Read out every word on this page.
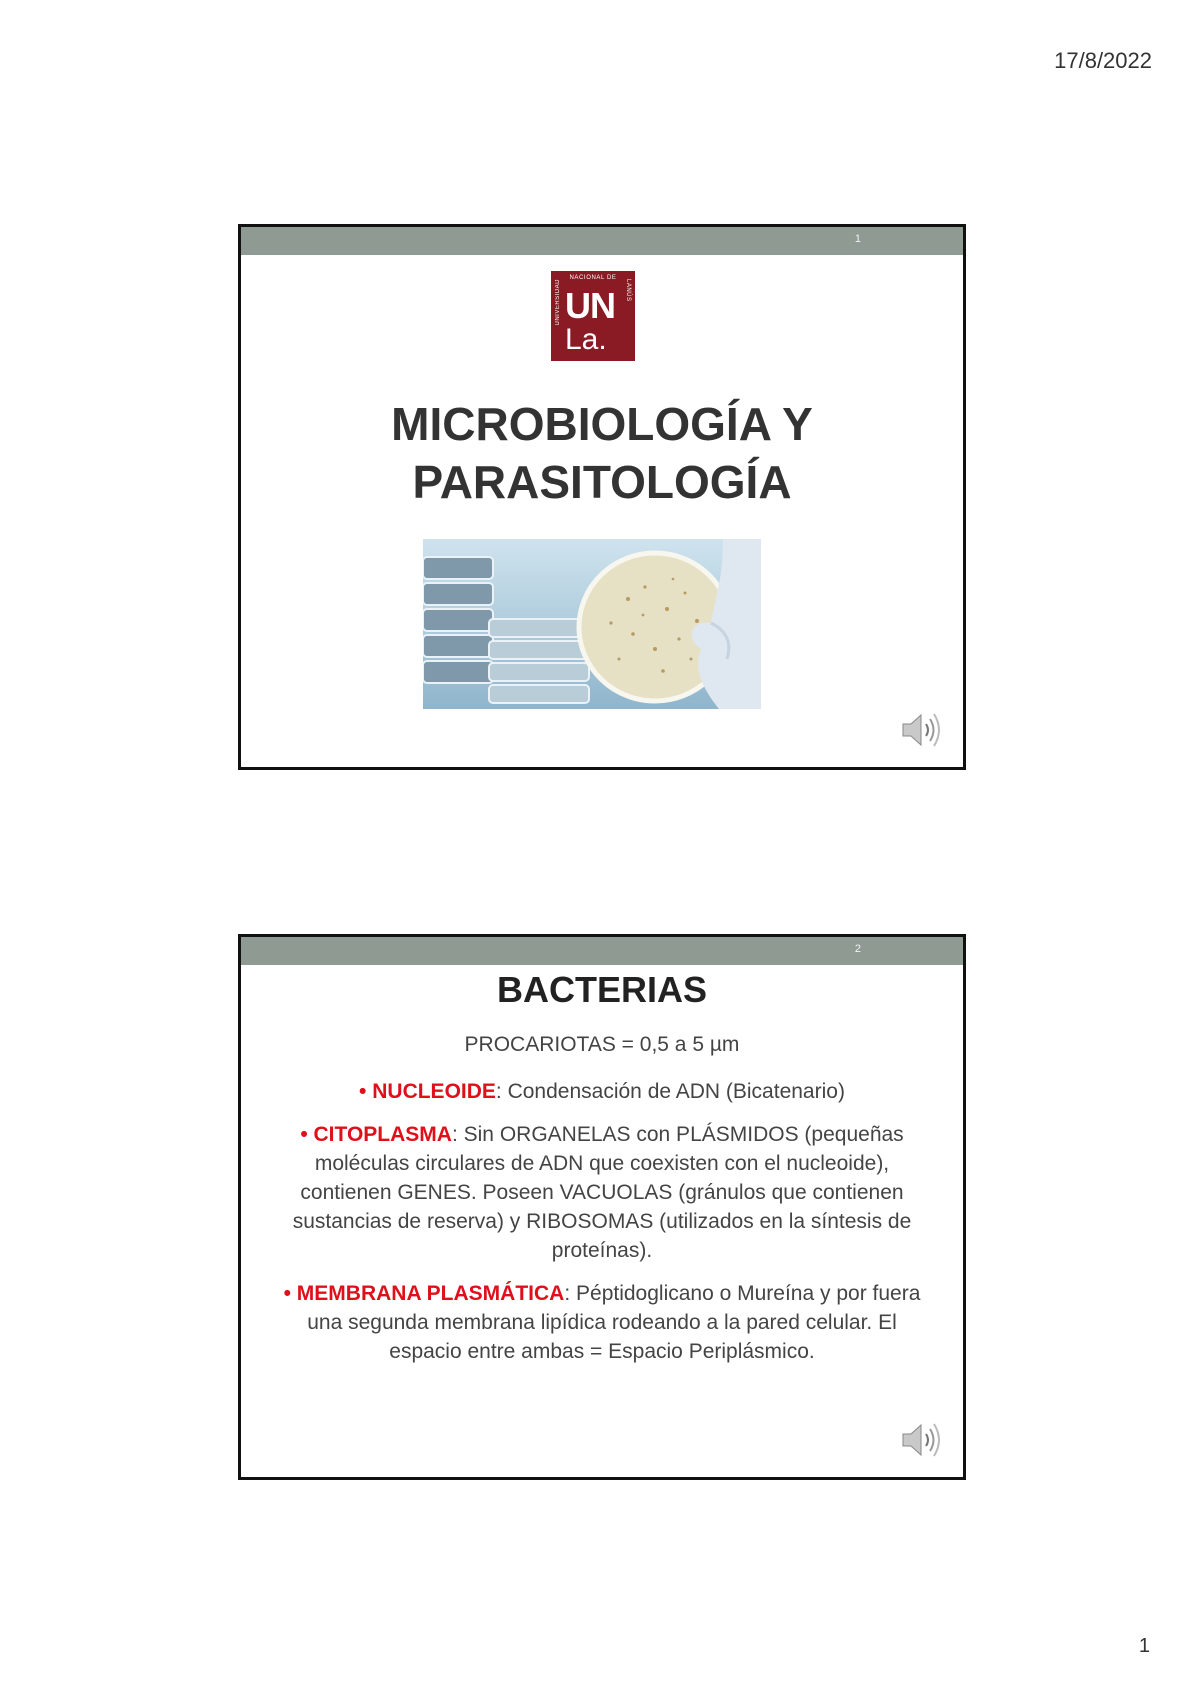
17/8/2022
1
NACIONAL DE
UNIVERSIDAD	LANÚS
UN
La.
MICROBIOLOGÍA Y
PARASITOLOGÍA
2
BACTERIAS
PROCARIOTAS = 0,5 a 5 µm
• NUCLEOIDE: Condensación de ADN (Bicatenario)
• CITOPLASMA: Sin ORGANELAS con PLÁSMIDOS (pequeñas moléculas circulares de ADN que coexisten con el nucleoide), contienen GENES. Poseen VACUOLAS (gránulos que contienen sustancias de reserva) y RIBOSOMAS (utilizados en la síntesis de proteínas).
• MEMBRANA PLASMÁTICA: Péptidoglicano o Mureína y por fuera una segunda membrana lipídica rodeando a la pared celular. El espacio entre ambas = Espacio Periplásmico.
1
